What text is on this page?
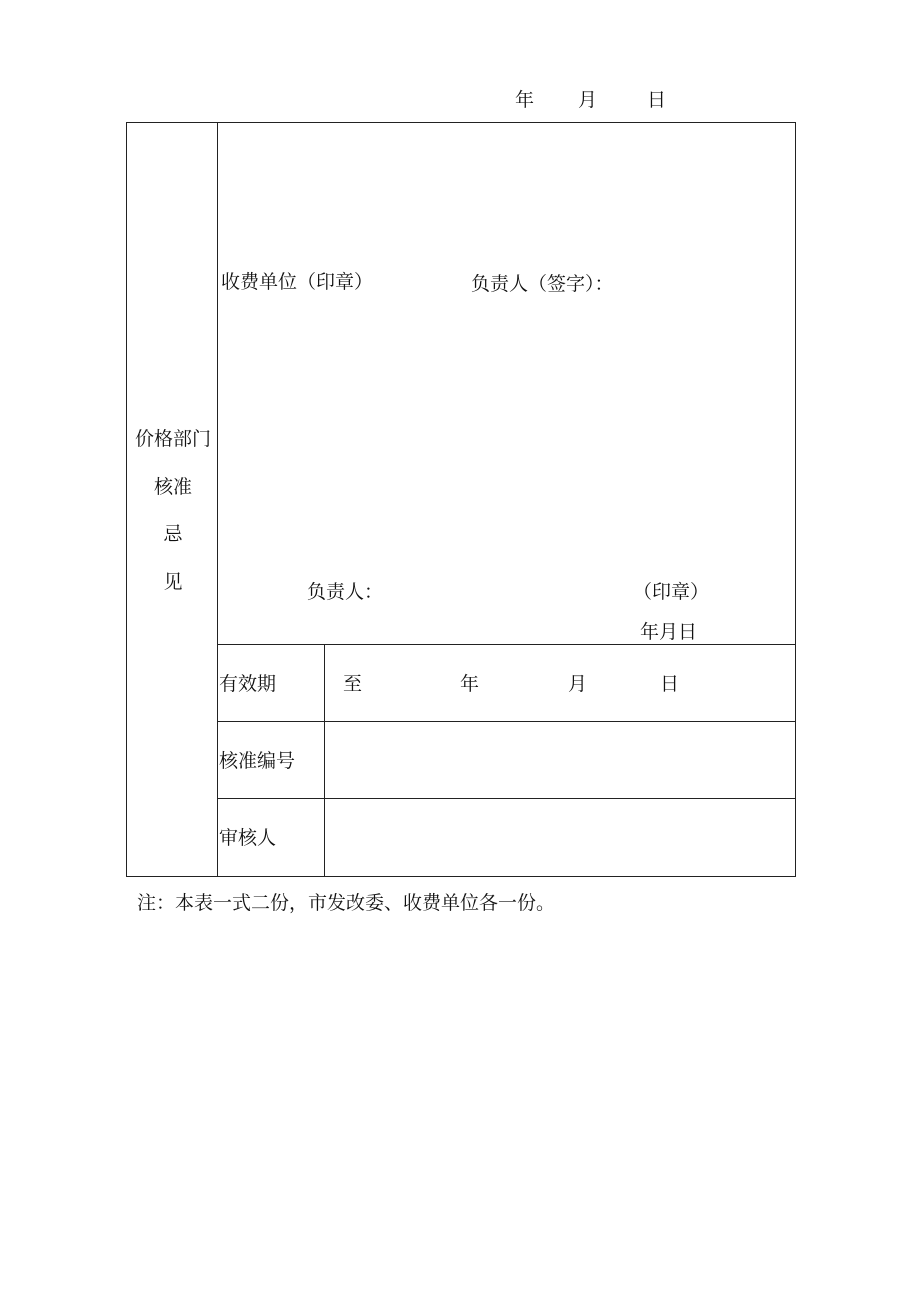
年 月	日
价格部门
核准
忌
见
收费单位（印章）	负责人（签字）：
负责人：	（印章）
年月日
有效期	至	年	月	日
核准编号
审核人
注：本表一式二份，市发改委、收费单位各一份。
